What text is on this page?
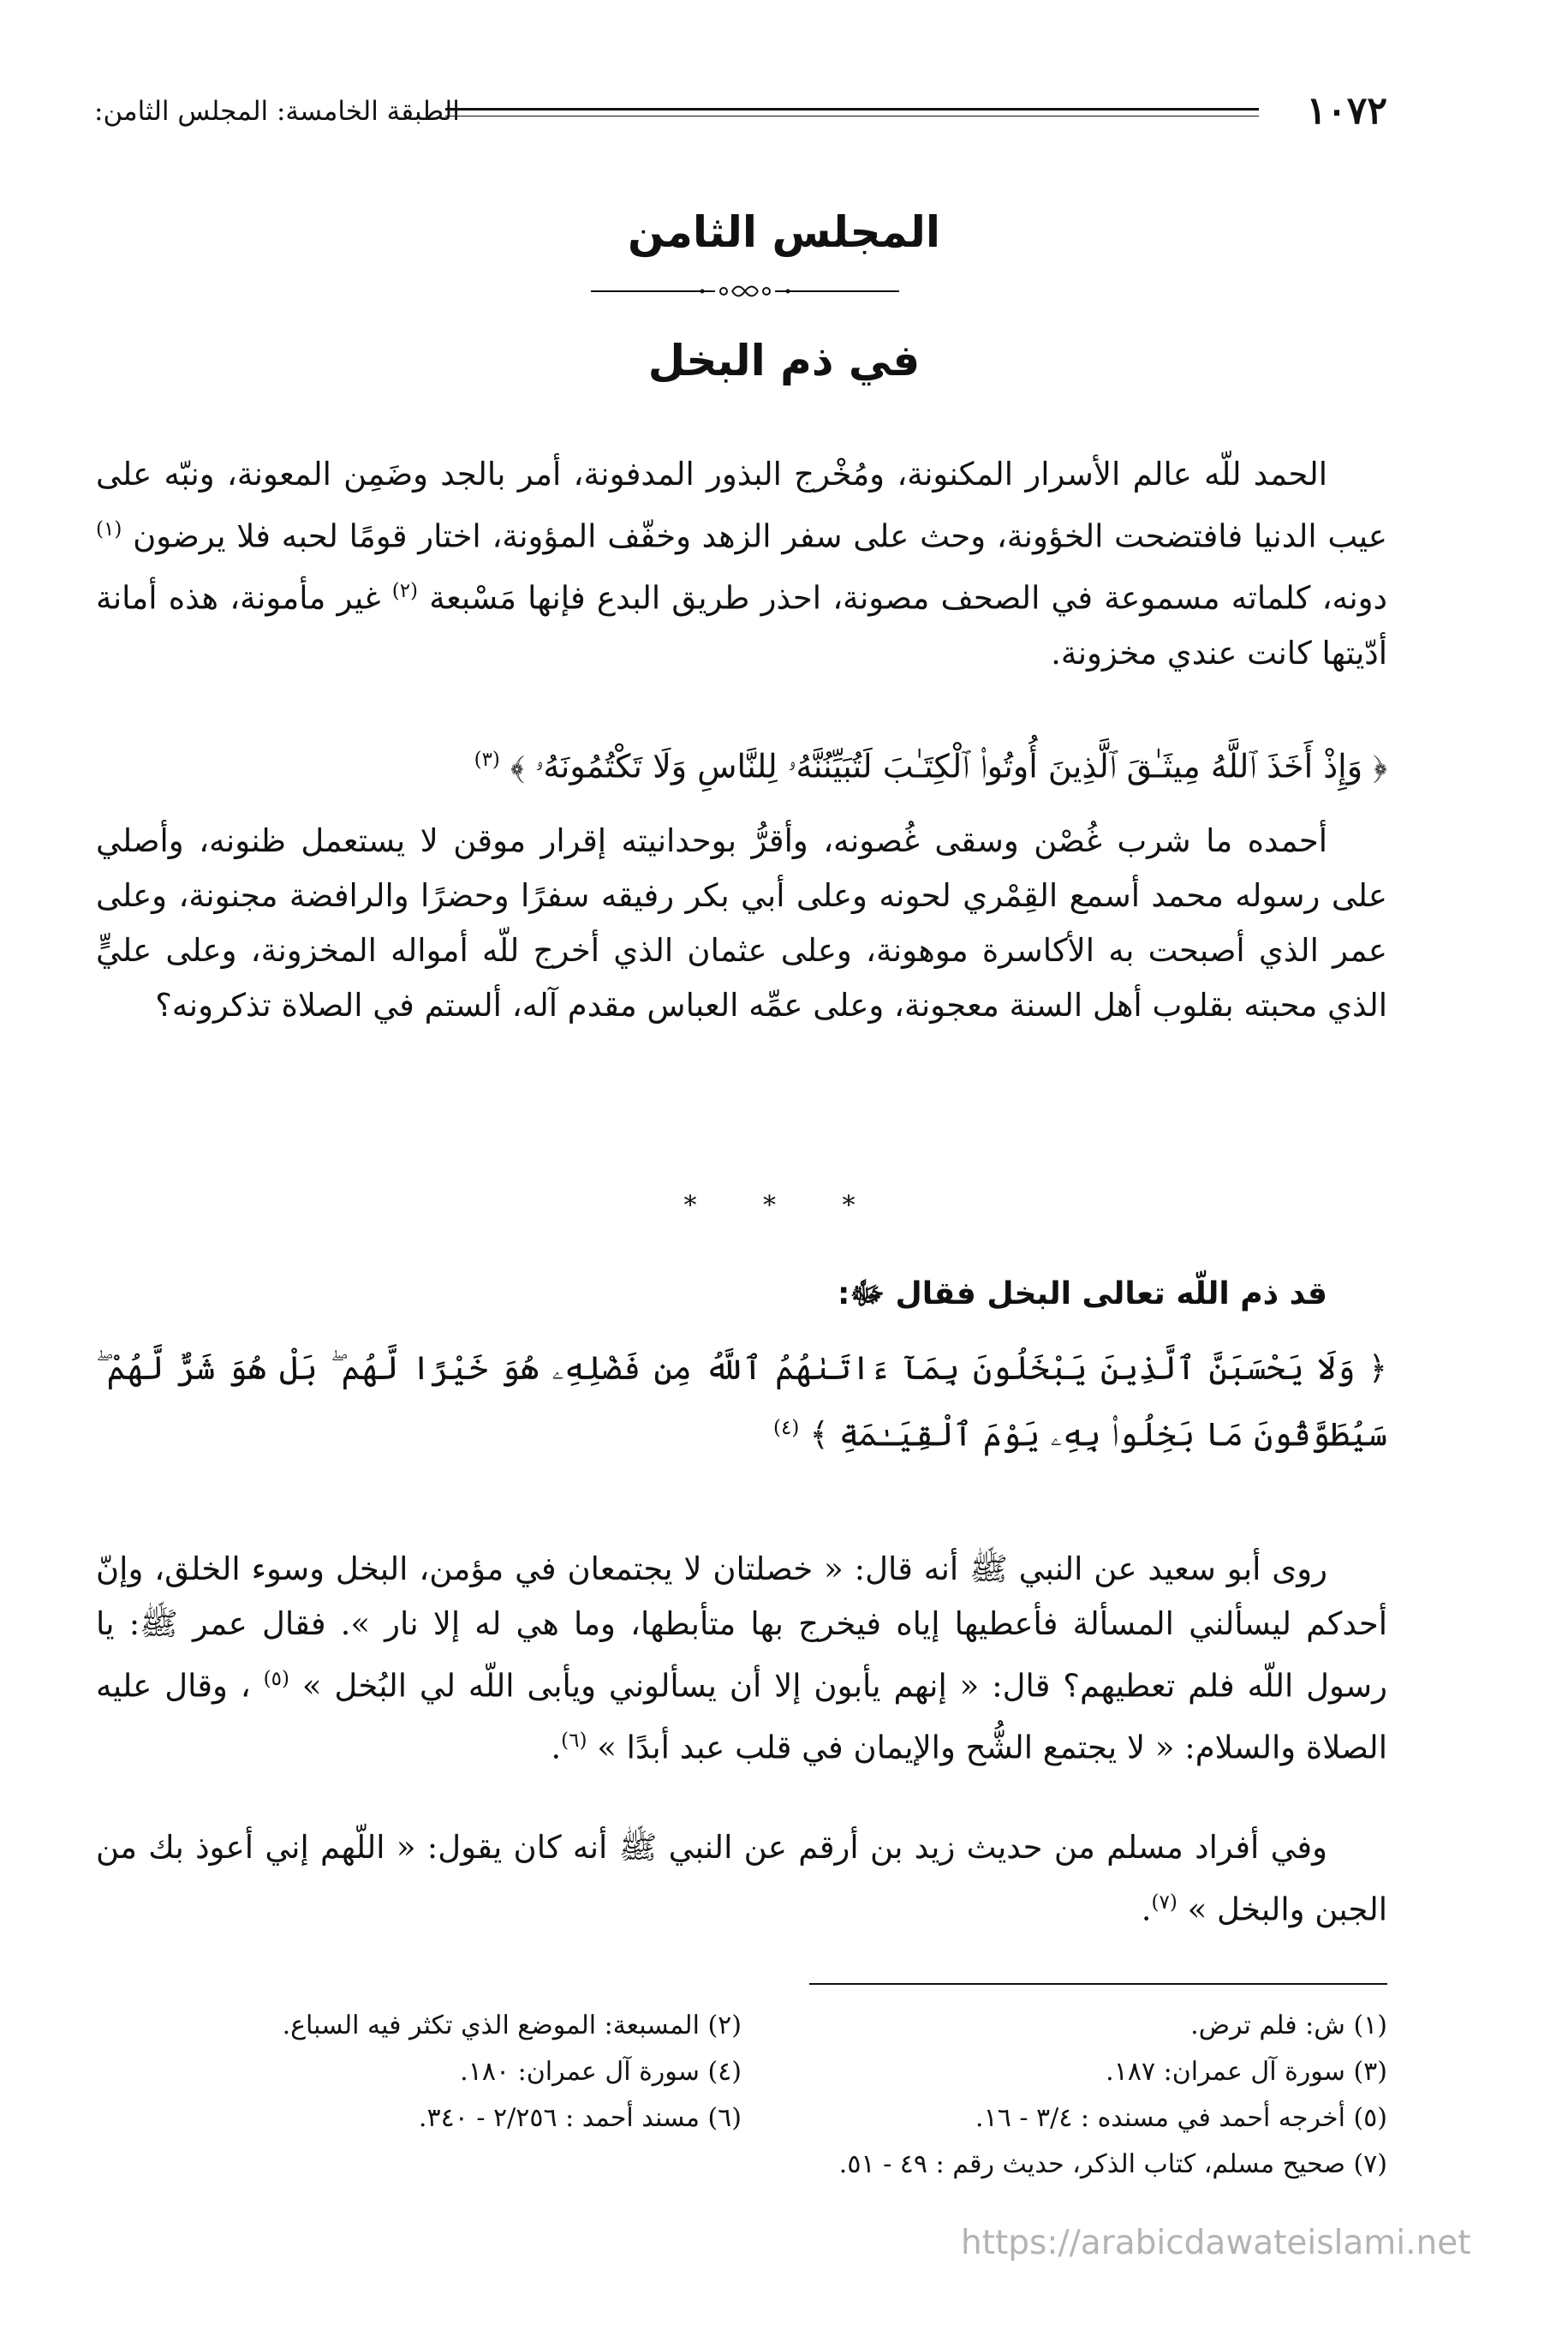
الطبقة الخامسة: المجلس الثامن:	١٠٧٢
المجلس الثامن
في ذم البخل

الحمد للّه عالم الأسرار المكنونة، ومُخْرج البذور المدفونة، أمر بالجد وضَمِن المعونة، ونبّه على عيب الدنيا فافتضحت الخؤونة، وحث على سفر الزهد وخفّف المؤونة، اختار قومًا لحبه فلا يرضون $^{(١)}$ دونه، كلماته مسموعة في الصحف مصونة، احذر طريق البدع فإنها مَسْبعة $^{(٢)}$ غير مأمونة، هذه أمانة أدّيتها كانت عندي مخزونة.

﴿ وَإِذْ أَخَذَ ٱللَّهُ مِيثَـٰقَ ٱلَّذِينَ أُوتُوا۟ ٱلْكِتَـٰبَ لَتُبَيِّنُنَّهُۥ لِلنَّاسِ وَلَا تَكْتُمُونَهُۥ ﴾ $^{(٣)}$

أحمده ما شرب غُصْن وسقى غُصونه، وأقرُّ بوحدانيته إقرار موقن لا يستعمل ظنونه، وأصلي على رسوله محمد أسمع القِمْري لحونه وعلى أبي بكر رفيقه سفرًا وحضرًا والرافضة مجنونة، وعلى عمر الذي أصبحت به الأكاسرة موهونة، وعلى عثمان الذي أخرج للّه أمواله المخزونة، وعلى عليٍّ الذي محبته بقلوب أهل السنة معجونة، وعلى عمِّه العباس مقدم آله، ألستم في الصلاة تذكرونه؟

* * *
قد ذم اللّه تعالى البخل فقال ﷻ:

﴿ وَلَا يَحْسَبَنَّ ٱلَّذِينَ يَبْخَلُونَ بِمَآ ءَاتَىٰهُمُ ٱللَّهُ مِن فَضْلِهِۦ هُوَ خَيْرًا لَّهُم ۖ بَلْ هُوَ شَرٌّ لَّهُمْ ۖ سَيُطَوَّقُونَ مَا بَخِلُوا۟ بِهِۦ يَوْمَ ٱلْقِيَـٰمَةِ ﴾ $^{(٤)}$

روى أبو سعيد عن النبي ﷺ أنه قال: « خصلتان لا يجتمعان في مؤمن، البخل وسوء الخلق، وإنّ أحدكم ليسألني المسألة فأعطيها إياه فيخرج بها متأبطها، وما هي له إلا نار ». فقال عمر ﷺ: يا رسول اللّه فلم تعطيهم؟ قال: « إنهم يأبون إلا أن يسألوني ويأبى اللّه لي البُخل » $^{(٥)}$ ، وقال عليه الصلاة والسلام: « لا يجتمع الشُّح والإيمان في قلب عبد أبدًا » $^{(٦)}$.

وفي أفراد مسلم من حديث زيد بن أرقم عن النبي ﷺ أنه كان يقول: « اللّهم إني أعوذ بك من الجبن والبخل » $^{(٧)}$.

(١) ش: فلم ترض.
(٢) المسبعة: الموضع الذي تكثر فيه السباع.
(٣) سورة آل عمران: ١٨٧.
(٤) سورة آل عمران: ١٨٠.
(٥) أخرجه أحمد في مسنده : ٣/٤ - ١٦.
(٦) مسند أحمد : ٢/٢٥٦ - ٣٤٠.
(٧) صحيح مسلم، كتاب الذكر، حديث رقم : ٤٩ - ٥١.
https://arabicdawateislami.net
